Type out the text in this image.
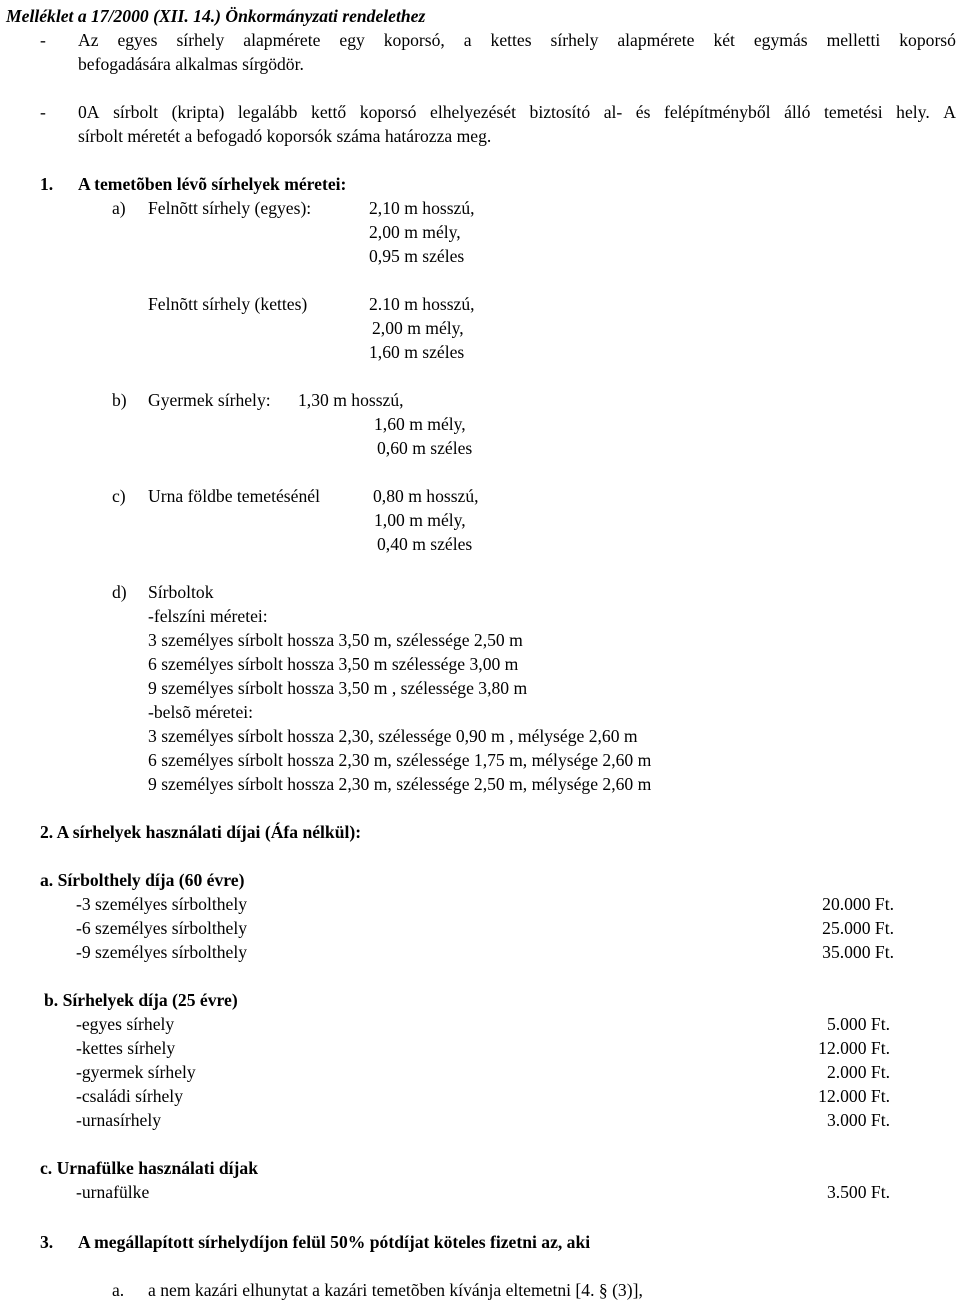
Melléklet a 17/2000 (XII. 14.) Önkormányzati rendelethez
- Az egyes sírhely alapmérete egy koporsó, a kettes sírhely alapmérete két egymás melletti koporsó
befogadására alkalmas sírgödör.
- 0A sírbolt (kripta) legalább kettő koporsó elhelyezését biztosító al- és felépítményből álló temetési hely. A
sírbolt méretét a befogadó koporsók száma határozza meg.
1. A temetõben lévõ sírhelyek méretei:
a) Felnõtt sírhely (egyes):	2,10 m hosszú,
2,00 m mély,
0,95 m széles
Felnõtt sírhely (kettes)	2.10 m hosszú,
2,00 m mély,
1,60 m széles
b) Gyermek sírhely: 1,30 m hosszú,
1,60 m mély,
0,60 m széles
c) Urna földbe temetésénél	0,80 m hosszú,
1,00 m mély,
0,40 m széles
d) Sírboltok
-felszíni méretei:
3 személyes sírbolt hossza 3,50 m, szélessége 2,50 m
6 személyes sírbolt hossza 3,50 m szélessége 3,00 m
9 személyes sírbolt hossza 3,50 m , szélessége 3,80 m
-belsõ méretei:
3 személyes sírbolt hossza 2,30, szélessége 0,90 m , mélysége 2,60 m
6 személyes sírbolt hossza 2,30 m, szélessége 1,75 m, mélysége 2,60 m
9 személyes sírbolt hossza 2,30 m, szélessége 2,50 m, mélysége 2,60 m
2. A sírhelyek használati díjai (Áfa nélkül):
a. Sírbolthely díja (60 évre)
-3 személyes sírbolthely	20.000 Ft.
-6 személyes sírbolthely	25.000 Ft.
-9 személyes sírbolthely	35.000 Ft.
b. Sírhelyek díja (25 évre)
-egyes sírhely	5.000 Ft.
-kettes sírhely	12.000 Ft.
-gyermek sírhely	2.000 Ft.
-családi sírhely	12.000 Ft.
-urnasírhely	3.000 Ft.
c. Urnafülke használati díjak
-urnafülke	3.500 Ft.
3. A megállapított sírhelydíjon felül 50% pótdíjat köteles fizetni az, aki
a. a nem kazári elhunytat a kazári temetõben kívánja eltemetni [4. § (3)],
